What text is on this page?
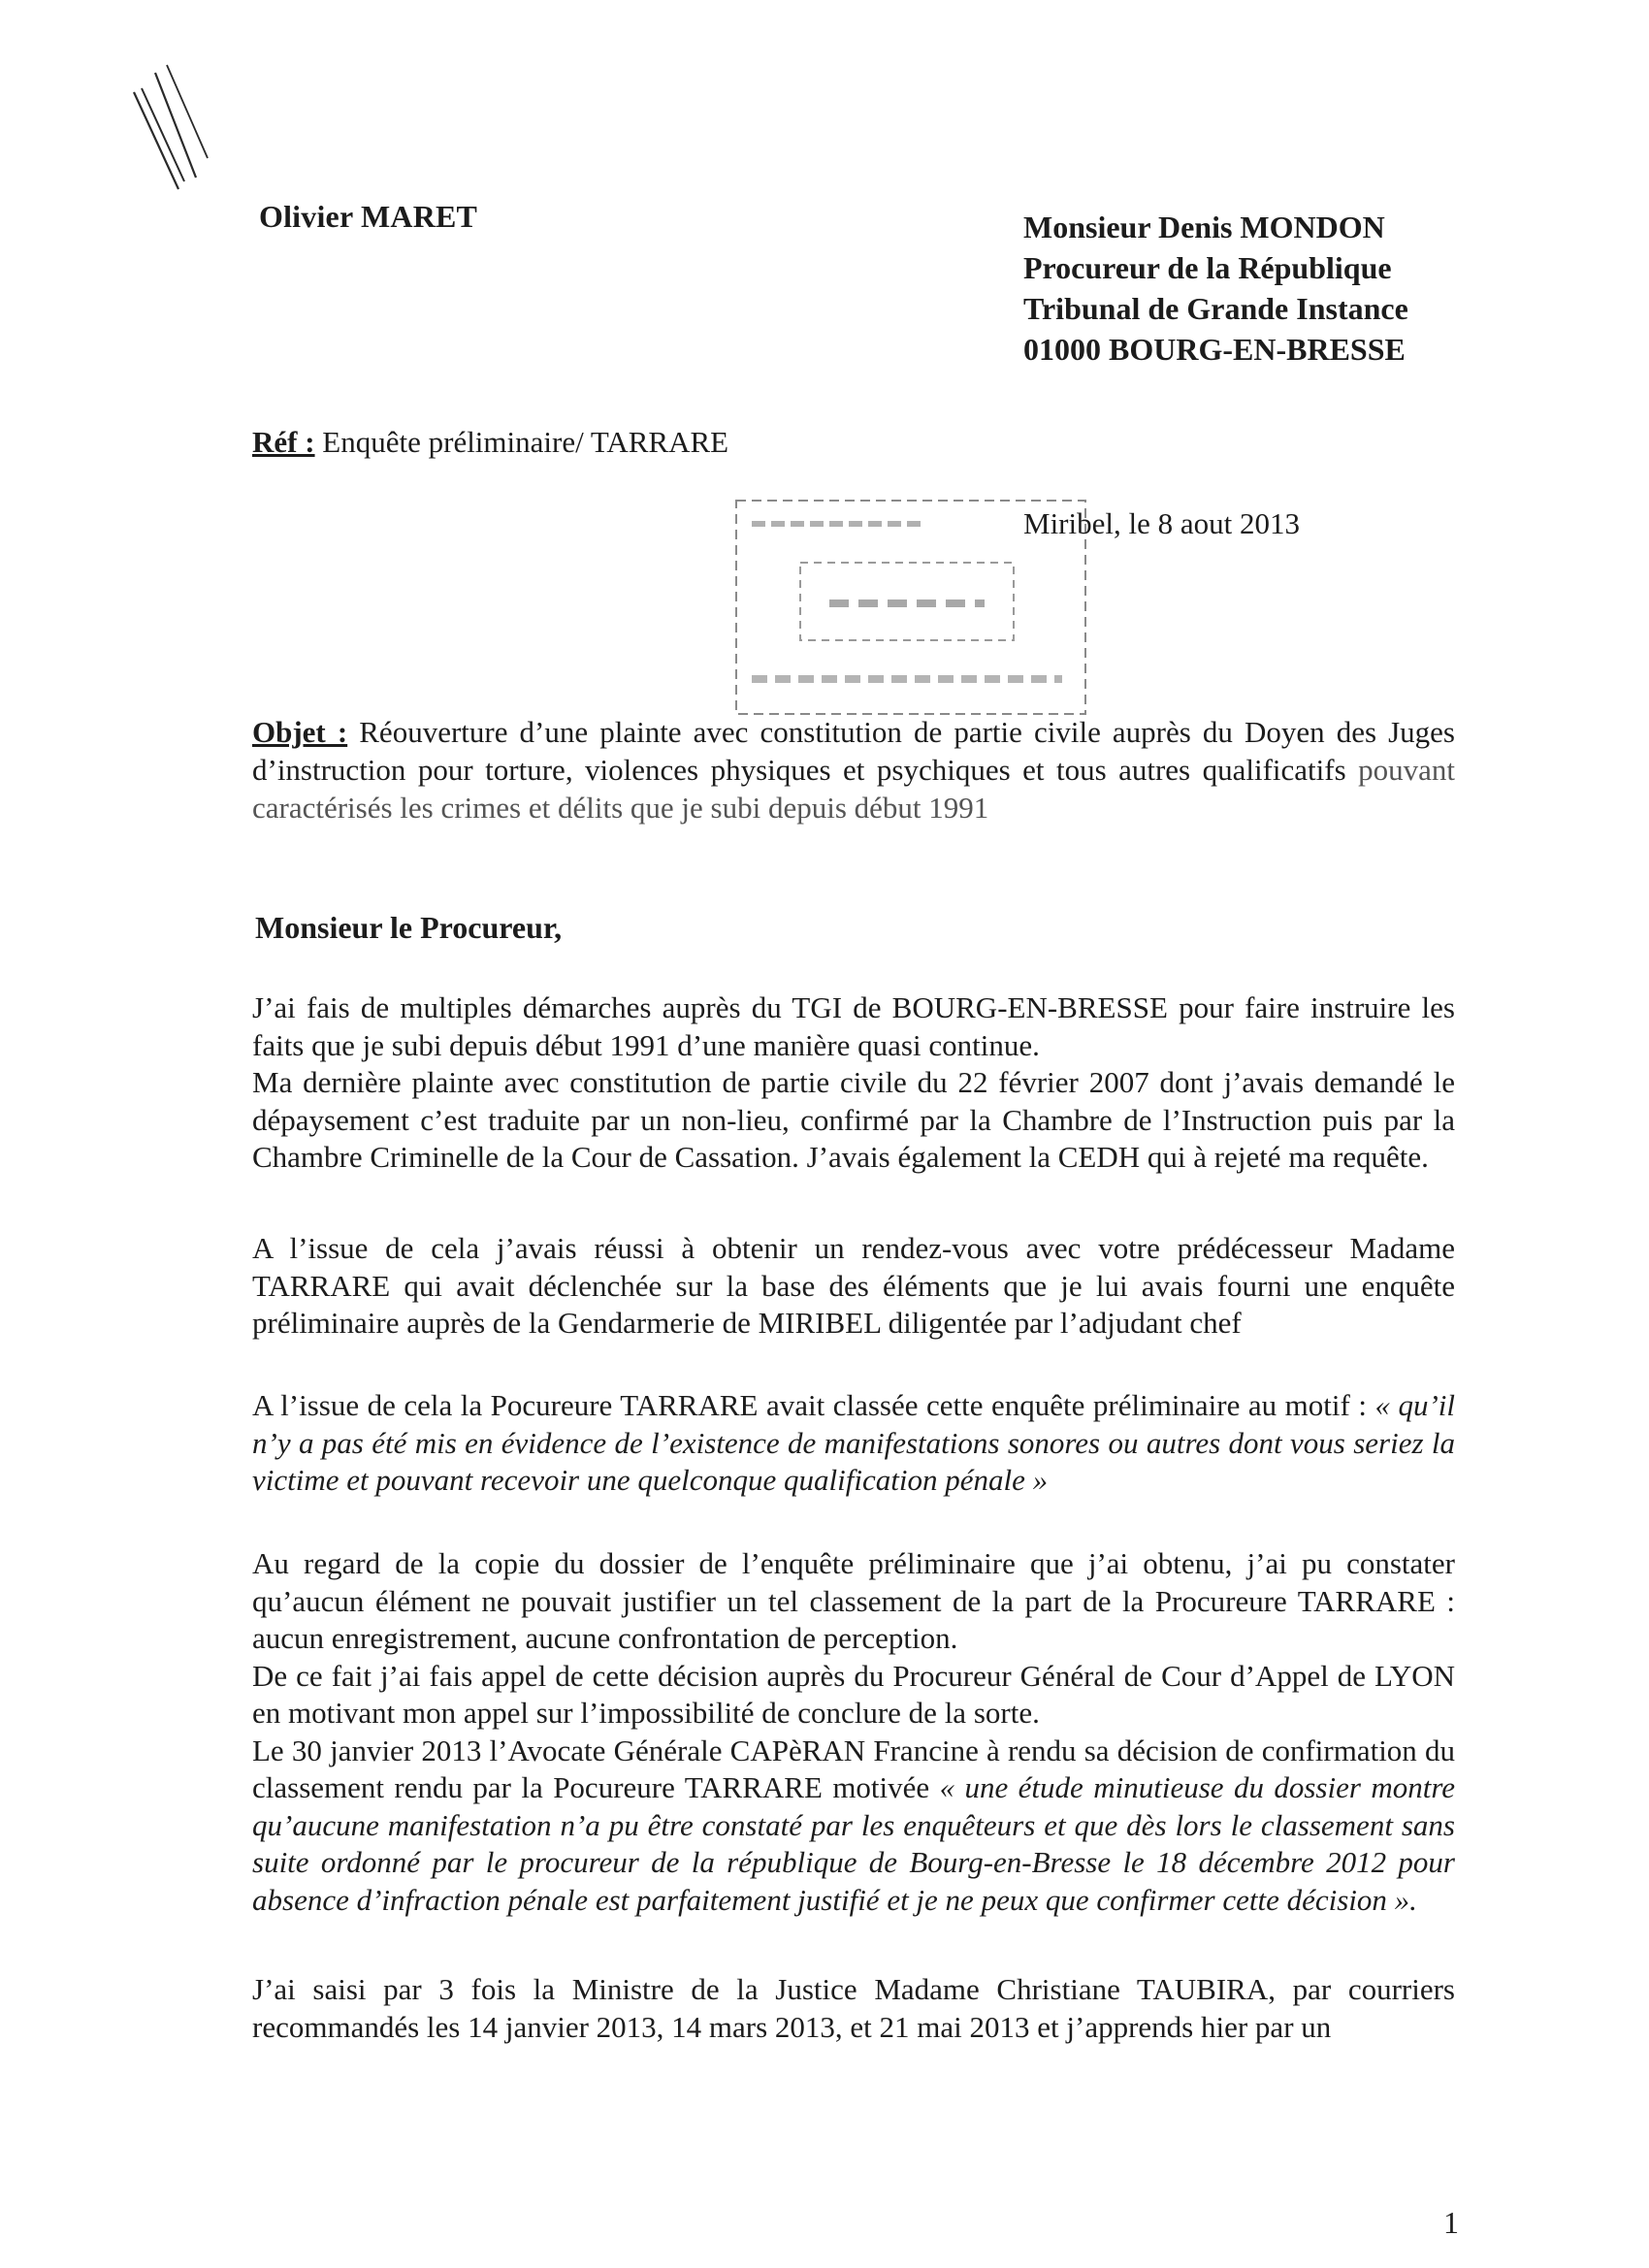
Olivier MARET	Monsieur Denis MONDON
Procureur de la République
Tribunal de Grande Instance
01000 BOURG-EN-BRESSE
Réf : Enquête préliminaire/ TARRARE
Miribel, le 8 aout 2013
Objet : Réouverture d’une plainte avec constitution de partie civile auprès du Doyen des Juges d’instruction pour torture, violences physiques et psychiques et tous autres qualificatifs pouvant caractérisés les crimes et délits que je subi depuis début 1991
Monsieur le Procureur,

J’ai fais de multiples démarches auprès du TGI de BOURG-EN-BRESSE pour faire instruire les faits que je subi depuis début 1991 d’une manière quasi continue.

Ma dernière plainte avec constitution de partie civile du 22 février 2007 dont j’avais demandé le dépaysement c’est traduite par un non-lieu, confirmé par la Chambre de l’Instruction puis par la Chambre Criminelle de la Cour de Cassation. J’avais également la CEDH qui à rejeté ma requête.

A l’issue de cela j’avais réussi à obtenir un rendez-vous avec votre prédécesseur Madame TARRARE qui avait déclenchée sur la base des éléments que je lui avais fourni une enquête préliminaire auprès de la Gendarmerie de MIRIBEL diligentée par l’adjudant chef

A l’issue de cela la Pocureure TARRARE avait classée cette enquête préliminaire au motif : « qu’il n’y a pas été mis en évidence de l’existence de manifestations sonores ou autres dont vous seriez la victime et pouvant recevoir une quelconque qualification pénale »

Au regard de la copie du dossier de l’enquête préliminaire que j’ai obtenu, j’ai pu constater qu’aucun élément ne pouvait justifier un tel classement de la part de la Procureure TARRARE : aucun enregistrement, aucune confrontation de perception.

De ce fait j’ai fais appel de cette décision auprès du Procureur Général de Cour d’Appel de LYON en motivant mon appel sur l’impossibilité de conclure de la sorte.

Le 30 janvier 2013 l’Avocate Générale CAPèRAN Francine à rendu sa décision de confirmation du classement rendu par la Pocureure TARRARE motivée « une étude minutieuse du dossier montre qu’aucune manifestation n’a pu être constaté par les enquêteurs et que dès lors le classement sans suite ordonné par le procureur de la république de Bourg-en-Bresse le 18 décembre 2012 pour absence d’infraction pénale est parfaitement justifié et je ne peux que confirmer cette décision ».

J’ai saisi par 3 fois la Ministre de la Justice Madame Christiane TAUBIRA, par courriers recommandés les 14 janvier 2013, 14 mars 2013, et 21 mai 2013 et j’apprends hier par un

1
